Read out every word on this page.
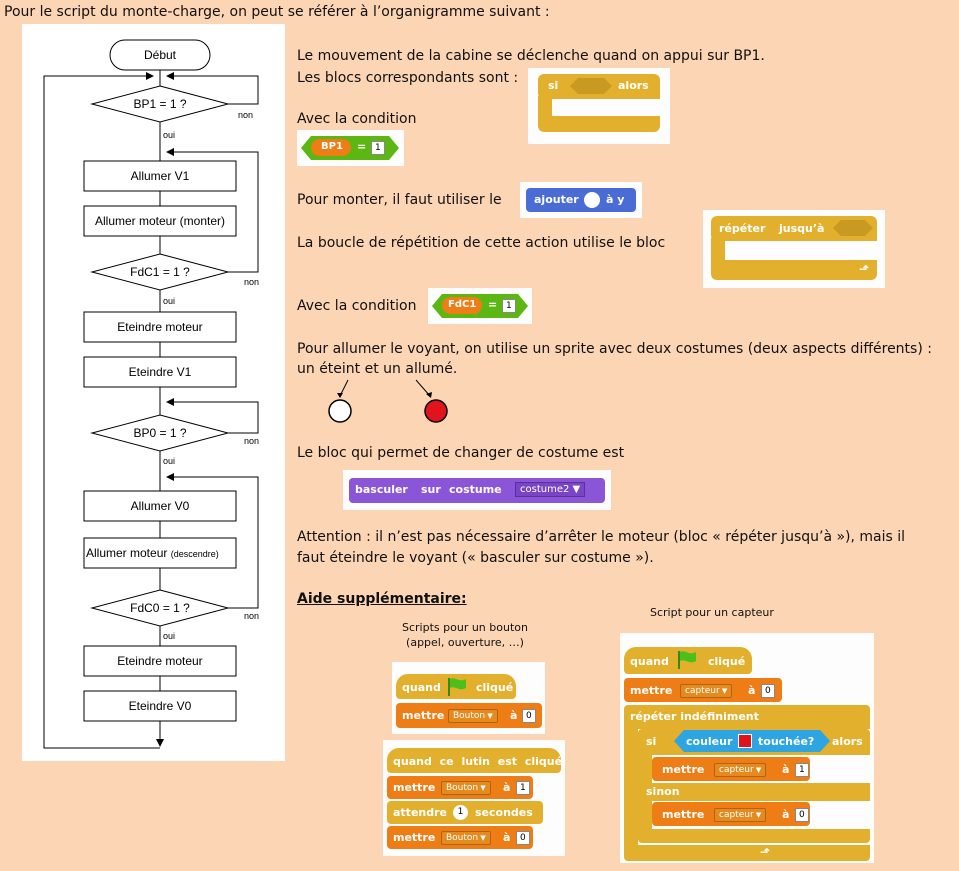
Pour le script du monte-charge, on peut se référer à l’organigramme suivant :
Début
BP1 = 1 ?
non
oui
Allumer V1
Allumer moteur (monter)
FdC1 = 1 ?
non
oui
Eteindre moteur
Eteindre V1
BP0 = 1 ?
non
oui
Allumer V0
Allumer moteur (descendre)
FdC0 = 1 ?
non
oui
Eteindre moteur
Eteindre V0
Le mouvement de la cabine se déclenche quand on appui sur BP1.
Les blocs correspondants sont :
Avec la condition
Pour monter, il faut utiliser le
La boucle de répétition de cette action utilise le bloc
Avec la condition
Pour allumer le voyant, on utilise un sprite avec deux costumes (deux aspects différents) :
un éteint et un allumé.
Le bloc qui permet de changer de costume est
Attention : il n’est pas nécessaire d’arrêter le moteur (bloc « répéter jusqu’à »), mais il
faut éteindre le voyant (« basculer sur costume »).
Aide supplémentaire:
Scripts pour un bouton
(appel, ouverture, …)
Script pour un capteur
si	alors
BP1 = 1
ajouter à y
répéter jusqu’à
⬏
FdC1 = 1
basculer sur costume	costume2 ▼
quand	cliqué
mettre Bouton ▼	à 0
quand ce lutin est cliqué
mettre	Bouton ▼	à	1
attendre	1	secondes
mettre	Bouton ▼	à	0
quand	cliqué
mettre	capteur ▼	à	0
répéter indéfiniment
⬏
si	couleur touchée? alors
mettre	capteur ▼	à	1
sinon
mettre	capteur ▼	à	0
